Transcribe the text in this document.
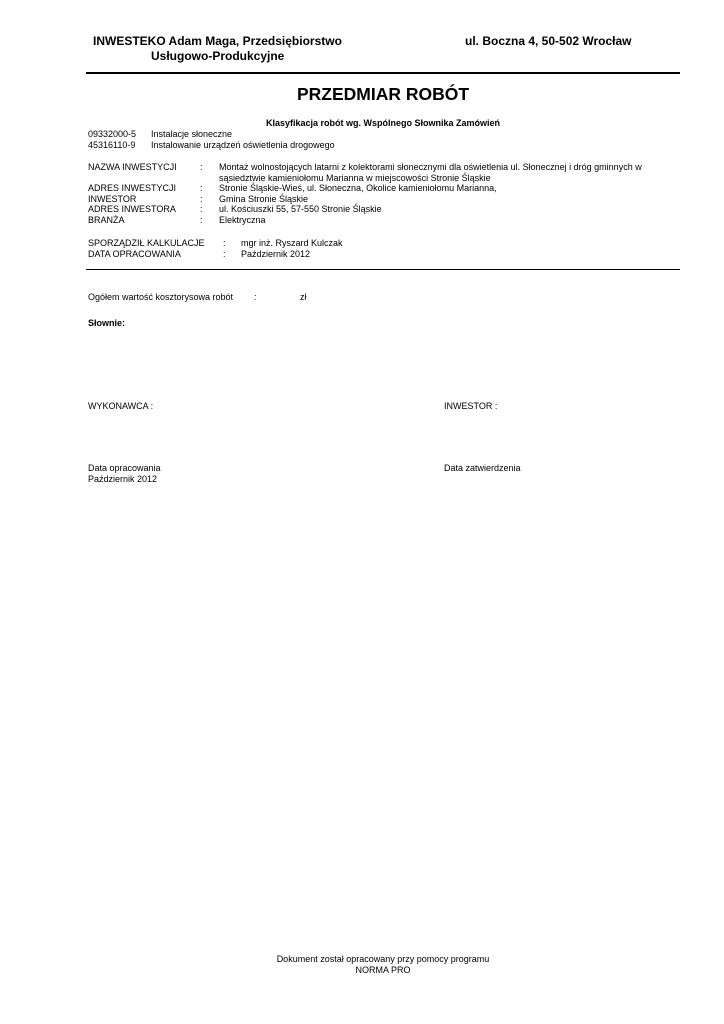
INWESTEKO Adam Maga, Przedsiębiorstwo
Usługowo-Produkcyjne
ul. Boczna 4, 50-502 Wrocław
PRZEDMIAR ROBÓT
Klasyfikacja robót wg. Wspólnego Słownika Zamówień
09332000-5 Instalacje słoneczne
45316110-9 Instalowanie urządzeń oświetlenia drogowego
NAZWA INWESTYCJI	:	Montaż wolnostojących latarni z kolektorami słonecznymi dla oświetlenia ul. Słonecznej i dróg gminnych w sąsiedztwie kamieniołomu Marianna w miejscowości Stronie Śląskie
ADRES INWESTYCJI	:	Stronie Śląskie-Wieś, ul. Słoneczna, Okolice kamieniołomu Marianna,
INWESTOR	:	Gmina Stronie Śląskie
ADRES INWESTORA	:	ul. Kościuszki 55, 57-550 Stronie Śląskie
BRANŻA	:	Elektryczna
SPORZĄDZIŁ KALKULACJE	:	mgr inż. Ryszard Kulczak
DATA OPRACOWANIA	:	Październik 2012
Ogółem wartość kosztorysowa robót :	zł
Słownie:
WYKONAWCA :	INWESTOR :
Data opracowania
Październik 2012
Data zatwierdzenia
Dokument został opracowany przy pomocy programu
NORMA PRO
